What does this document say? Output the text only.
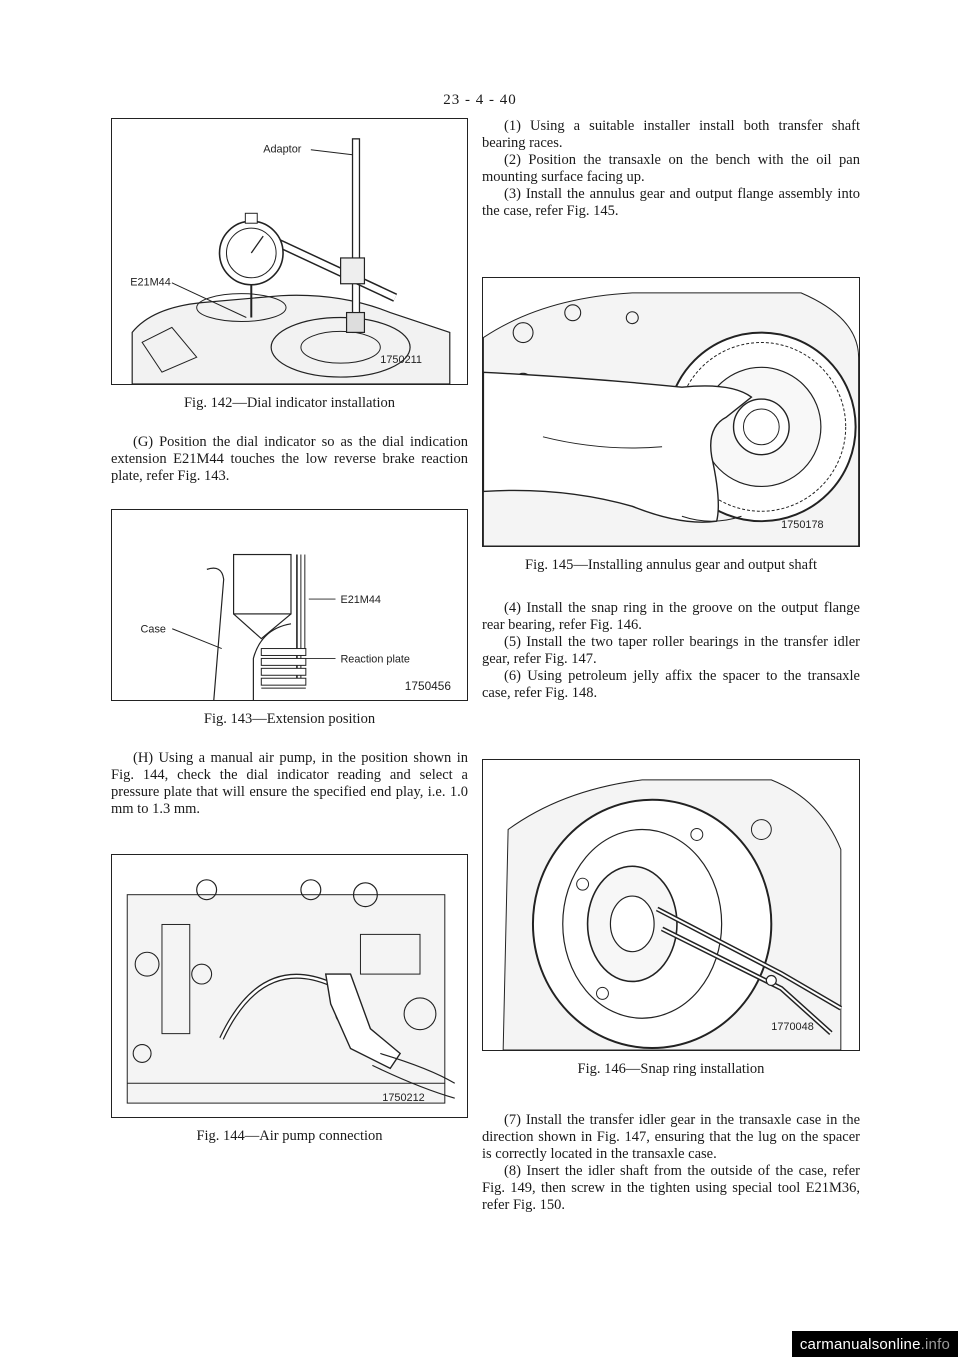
23 - 4 - 40
Adaptor
E21M44
1750211
Fig. 142—Dial indicator installation

(G) Position the dial indicator so as the dial indication extension E21M44 touches the low reverse brake reaction plate, refer Fig. 143.

E21M44
Case
Reaction plate
1750456
Fig. 143—Extension position

(H) Using a manual air pump, in the position shown in Fig. 144, check the dial indicator reading and select a pressure plate that will ensure the specified end play, i.e. 1.0 mm to 1.3 mm.

1750212
Fig. 144—Air pump connection

(1) Using a suitable installer install both transfer shaft bearing races.

(2) Position the transaxle on the bench with the oil pan mounting surface facing up.

(3) Install the annulus gear and output flange assembly into the case, refer Fig. 145.

1750178
Fig. 145—Installing annulus gear and output shaft

(4) Install the snap ring in the groove on the output flange rear bearing, refer Fig. 146.

(5) Install the two taper roller bearings in the transfer idler gear, refer Fig. 147.

(6) Using petroleum jelly affix the spacer to the transaxle case, refer Fig. 148.

1770048
Fig. 146—Snap ring installation

(7) Install the transfer idler gear in the transaxle case in the direction shown in Fig. 147, ensuring that the lug on the spacer is correctly located in the transaxle case.

(8) Insert the idler shaft from the outside of the case, refer Fig. 149, then screw in the tighten using special tool E21M36, refer Fig. 150.

carmanualsonline.info
